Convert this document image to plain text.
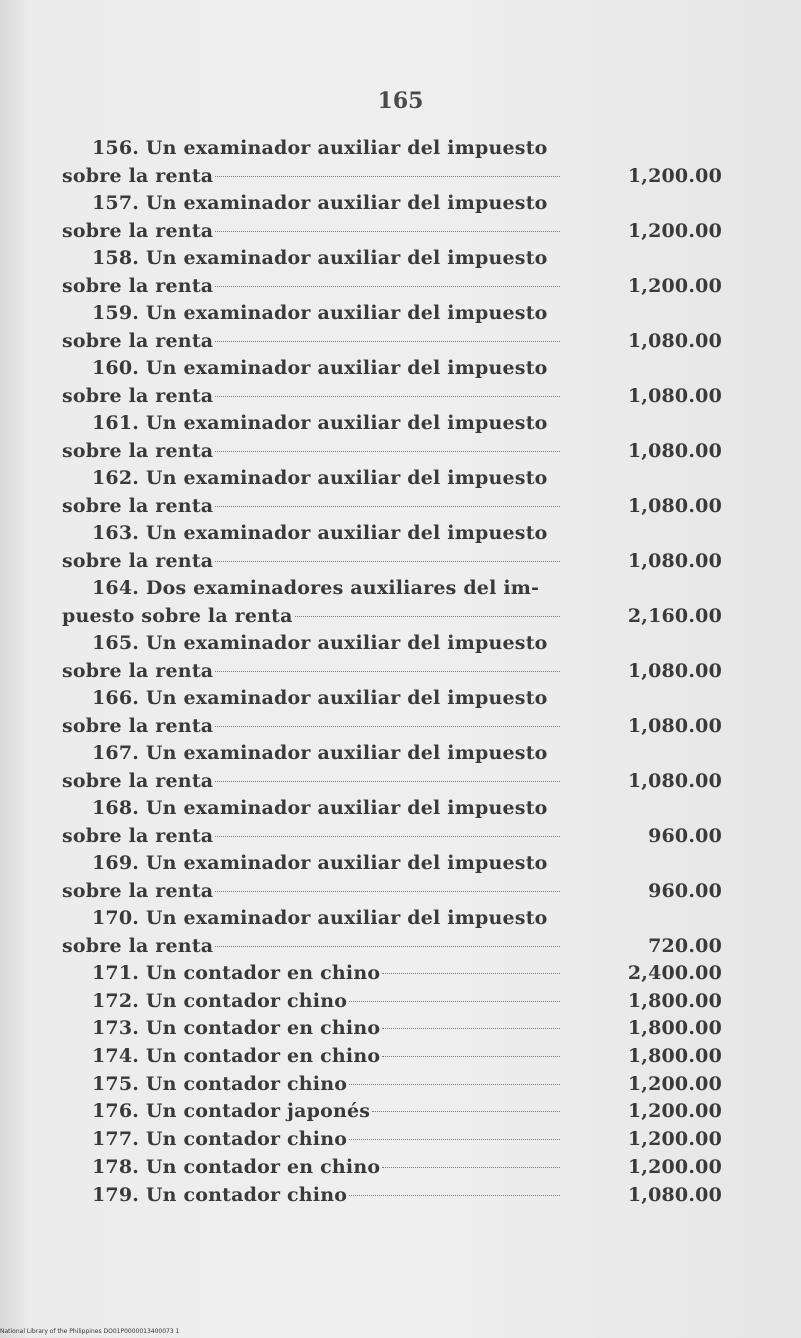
165
156. Un examinador auxiliar del impuesto
sobre la renta	1,200.00
157. Un examinador auxiliar del impuesto
sobre la renta	1,200.00
158. Un examinador auxiliar del impuesto
sobre la renta	1,200.00
159. Un examinador auxiliar del impuesto
sobre la renta	1,080.00
160. Un examinador auxiliar del impuesto
sobre la renta	1,080.00
161. Un examinador auxiliar del impuesto
sobre la renta	1,080.00
162. Un examinador auxiliar del impuesto
sobre la renta	1,080.00
163. Un examinador auxiliar del impuesto
sobre la renta	1,080.00
164. Dos examinadores auxiliares del im-
puesto sobre la renta	2,160.00
165. Un examinador auxiliar del impuesto
sobre la renta	1,080.00
166. Un examinador auxiliar del impuesto
sobre la renta	1,080.00
167. Un examinador auxiliar del impuesto
sobre la renta	1,080.00
168. Un examinador auxiliar del impuesto
sobre la renta	960.00
169. Un examinador auxiliar del impuesto
sobre la renta	960.00
170. Un examinador auxiliar del impuesto
sobre la renta	720.00
171. Un contador en chino	2,400.00
172. Un contador chino	1,800.00
173. Un contador en chino	1,800.00
174. Un contador en chino	1,800.00
175. Un contador chino	1,200.00
176. Un contador japonés	1,200.00
177. Un contador chino	1,200.00
178. Un contador en chino	1,200.00
179. Un contador chino	1,080.00
National Library of the Philippines DO01P0000013400073 1
